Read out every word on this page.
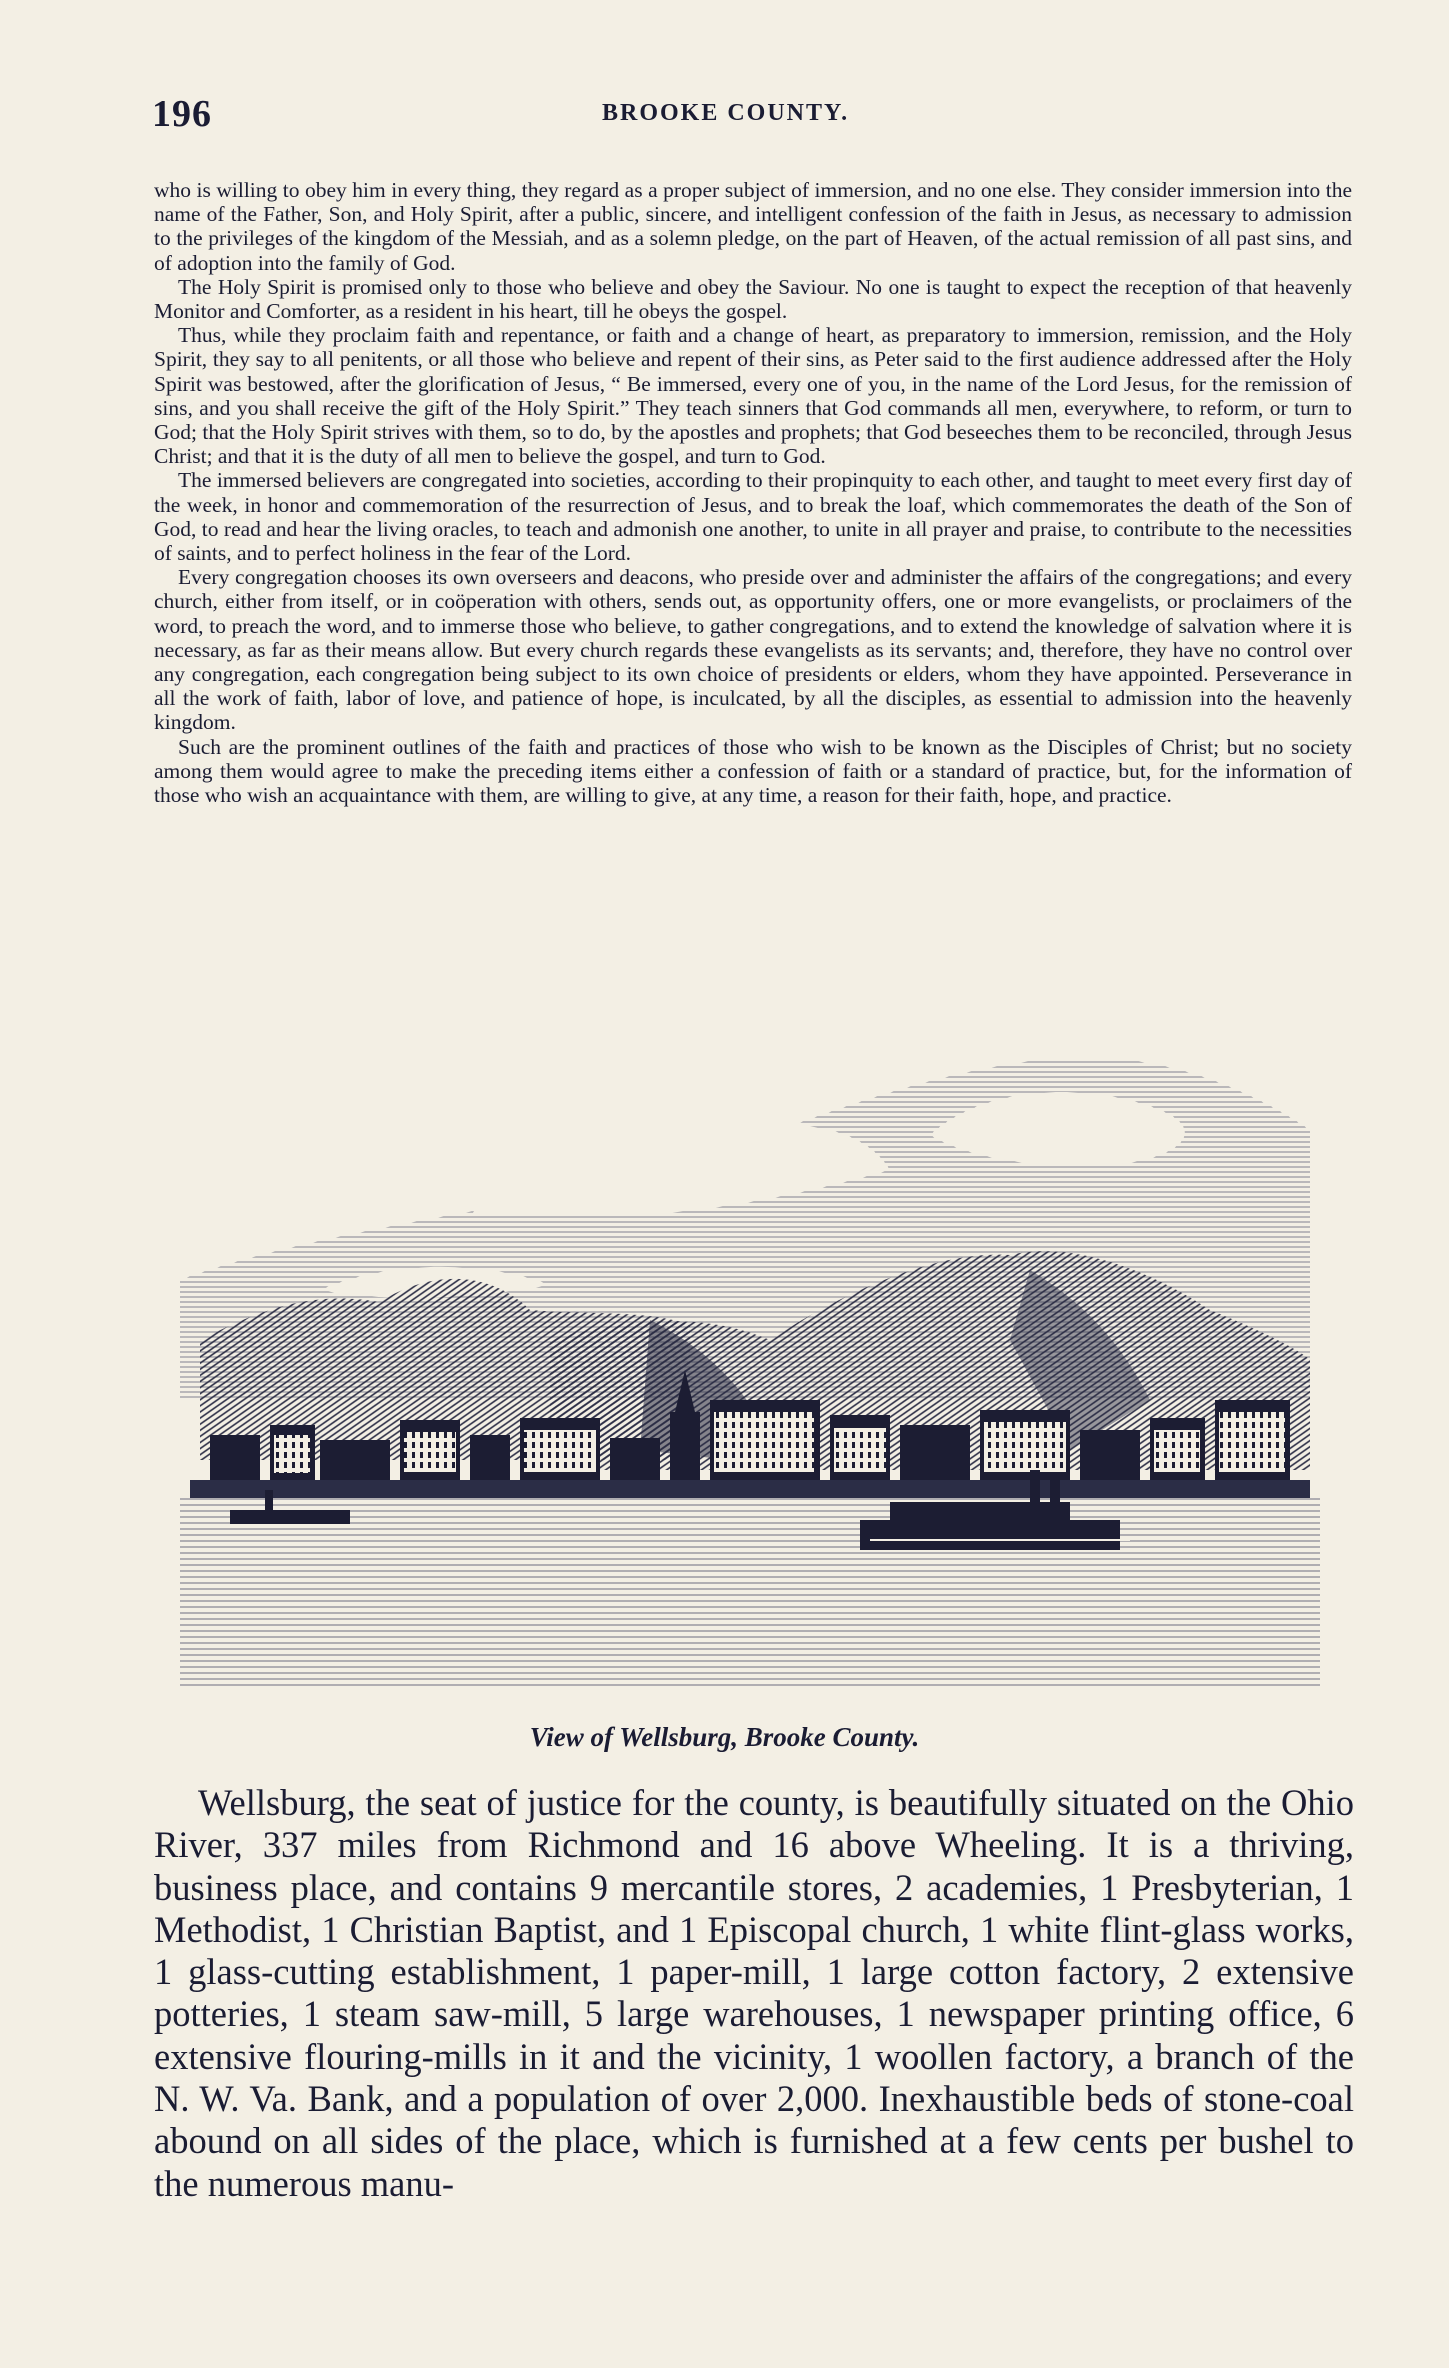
196	BROOKE COUNTY.

who is willing to obey him in every thing, they regard as a proper subject of immersion, and no one else. They consider immersion into the name of the Father, Son, and Holy Spirit, after a public, sincere, and intelligent confession of the faith in Jesus, as necessary to admission to the privileges of the kingdom of the Messiah, and as a solemn pledge, on the part of Heaven, of the actual remission of all past sins, and of adoption into the family of God.

The Holy Spirit is promised only to those who believe and obey the Saviour. No one is taught to expect the reception of that heavenly Monitor and Comforter, as a resident in his heart, till he obeys the gospel.

Thus, while they proclaim faith and repentance, or faith and a change of heart, as preparatory to immersion, remission, and the Holy Spirit, they say to all penitents, or all those who believe and repent of their sins, as Peter said to the first audience addressed after the Holy Spirit was bestowed, after the glorification of Jesus, “ Be immersed, every one of you, in the name of the Lord Jesus, for the remission of sins, and you shall receive the gift of the Holy Spirit.” They teach sinners that God commands all men, everywhere, to reform, or turn to God; that the Holy Spirit strives with them, so to do, by the apostles and prophets; that God beseeches them to be reconciled, through Jesus Christ; and that it is the duty of all men to believe the gospel, and turn to God.

The immersed believers are congregated into societies, according to their propinquity to each other, and taught to meet every first day of the week, in honor and commemoration of the resurrection of Jesus, and to break the loaf, which commemorates the death of the Son of God, to read and hear the living oracles, to teach and admonish one another, to unite in all prayer and praise, to contribute to the necessities of saints, and to perfect holiness in the fear of the Lord.

Every congregation chooses its own overseers and deacons, who preside over and administer the affairs of the congregations; and every church, either from itself, or in coöperation with others, sends out, as opportunity offers, one or more evangelists, or proclaimers of the word, to preach the word, and to immerse those who believe, to gather congregations, and to extend the knowledge of salvation where it is necessary, as far as their means allow. But every church regards these evangelists as its servants; and, therefore, they have no control over any congregation, each congregation being subject to its own choice of presidents or elders, whom they have appointed. Perseverance in all the work of faith, labor of love, and patience of hope, is inculcated, by all the disciples, as essential to admission into the heavenly kingdom.

Such are the prominent outlines of the faith and practices of those who wish to be known as the Disciples of Christ; but no society among them would agree to make the preceding items either a confession of faith or a standard of practice, but, for the information of those who wish an acquaintance with them, are willing to give, at any time, a reason for their faith, hope, and practice.

View of Wellsburg, Brooke County.

Wellsburg, the seat of justice for the county, is beautifully situated on the Ohio River, 337 miles from Richmond and 16 above Wheeling. It is a thriving, business place, and contains 9 mercantile stores, 2 academies, 1 Presbyterian, 1 Methodist, 1 Christian Baptist, and 1 Episcopal church, 1 white flint-glass works, 1 glass-cutting establishment, 1 paper-mill, 1 large cotton factory, 2 extensive potteries, 1 steam saw-mill, 5 large warehouses, 1 newspaper printing office, 6 extensive flouring-mills in it and the vicinity, 1 woollen factory, a branch of the N. W. Va. Bank, and a population of over 2,000. Inexhaustible beds of stone-coal abound on all sides of the place, which is furnished at a few cents per bushel to the numerous manu-
